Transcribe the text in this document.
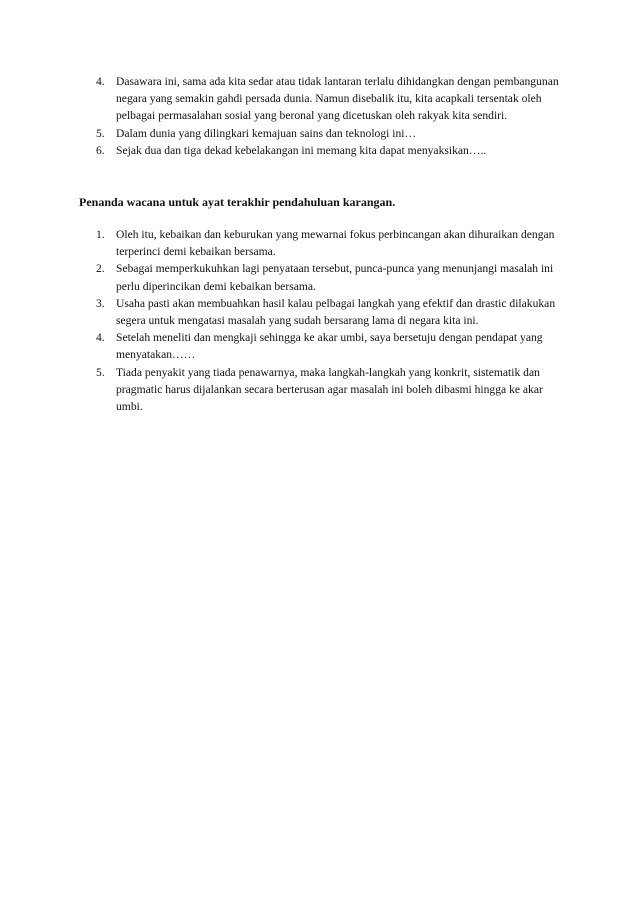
4. Dasawara ini, sama ada kita sedar atau tidak lantaran terlalu dihidangkan dengan pembangunan negara yang semakin gahdi persada dunia. Namun disebalik itu, kita acapkali tersentak oleh pelbagai permasalahan sosial yang beronal yang dicetuskan oleh rakyak kita sendiri.
5. Dalam dunia yang dilingkari kemajuan sains dan teknologi ini…
6. Sejak dua dan tiga dekad kebelakangan ini memang kita dapat menyaksikan…..
Penanda wacana untuk ayat terakhir pendahuluan karangan.
1. Oleh itu, kebaikan dan keburukan yang mewarnai fokus perbincangan akan dihuraikan dengan terperinci demi kebaikan bersama.
2. Sebagai memperkukuhkan lagi penyataan tersebut, punca-punca yang menunjangi masalah ini perlu diperincikan demi kebaikan bersama.
3. Usaha pasti akan membuahkan hasil kalau pelbagai langkah yang efektif dan drastic dilakukan segera untuk mengatasi masalah yang sudah bersarang lama di negara kita ini.
4. Setelah meneliti dan mengkaji sehingga ke akar umbi, saya bersetuju dengan pendapat yang menyatakan……
5. Tiada penyakit yang tiada penawarnya, maka langkah-langkah yang konkrit, sistematik dan pragmatic harus dijalankan secara berterusan agar masalah ini boleh dibasmi hingga ke akar umbi.
